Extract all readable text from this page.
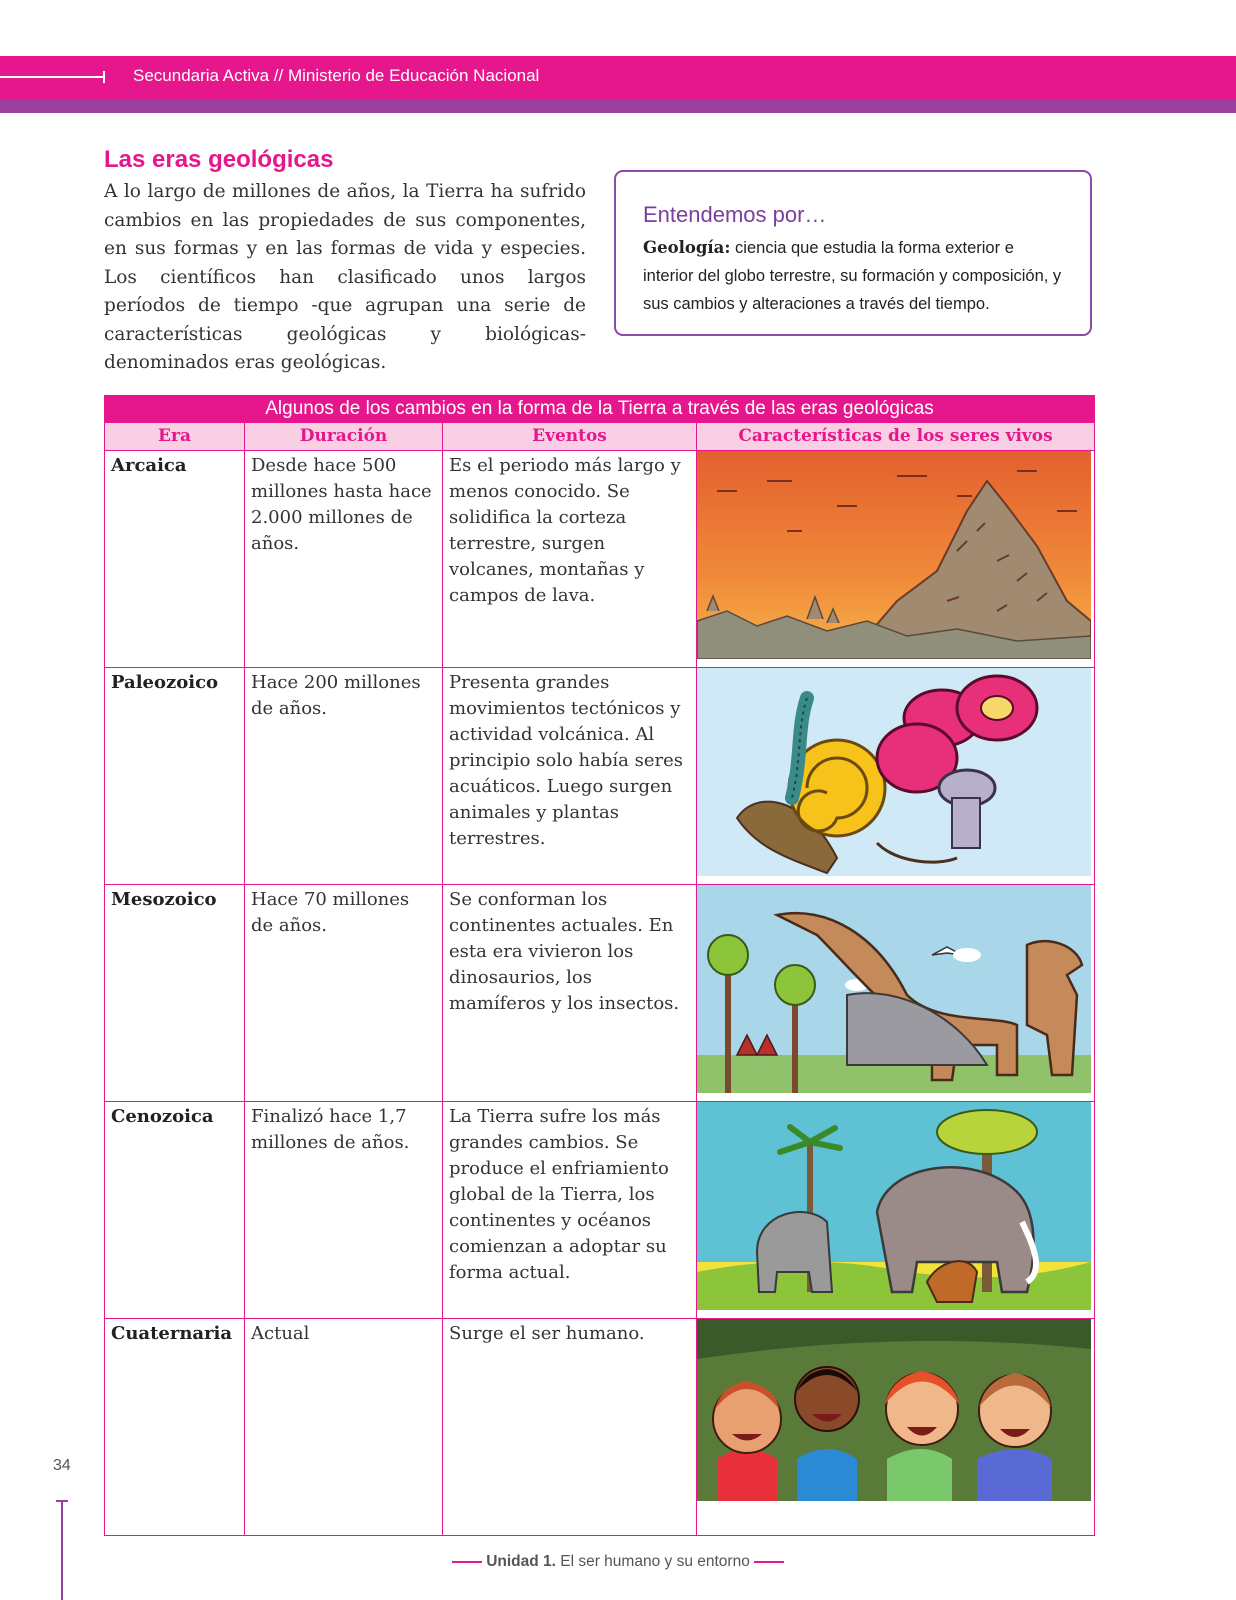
Secundaria Activa // Ministerio de Educación Nacional
Las eras geológicas

A lo largo de millones de años, la Tierra ha sufrido cambios en las propiedades de sus componentes, en sus formas y en las formas de vida y especies. Los científicos han clasificado unos largos períodos de tiempo -que agrupan una serie de características geológicas y biológicas- denominados eras geológicas.

Entendemos por…

Geología: ciencia que estudia la forma exterior e interior del globo terrestre, su formación y composición, y sus cambios y alteraciones a través del tiempo.

Algunos de los cambios en la forma de la Tierra a través de las eras geológicas			
Era	Duración	Eventos	Características de los seres vivos
Arcaica	Desde hace 500 millones hasta hace 2.000 millones de años.	Es el periodo más largo y menos conocido. Se solidifica la corteza terrestre, surgen volcanes, montañas y campos de lava.	

Paleozoico	Hace 200 millones de años.	Presenta grandes movimientos tectónicos y actividad volcánica. Al principio solo había seres acuáticos. Luego surgen animales y plantas terrestres.	

Mesozoico	Hace 70 millones de años.	Se conforman los continentes actuales. En esta era vivieron los dinosaurios, los mamíferos y los insectos.	

Cenozoica	Finalizó hace 1,7 millones de años.	La Tierra sufre los más grandes cambios. Se produce el enfriamiento global de la Tierra, los continentes y océanos comienzan a adoptar su forma actual.	

Cuaternaria	Actual	Surge el ser humano.	
34
Unidad 1. El ser humano y su entorno
